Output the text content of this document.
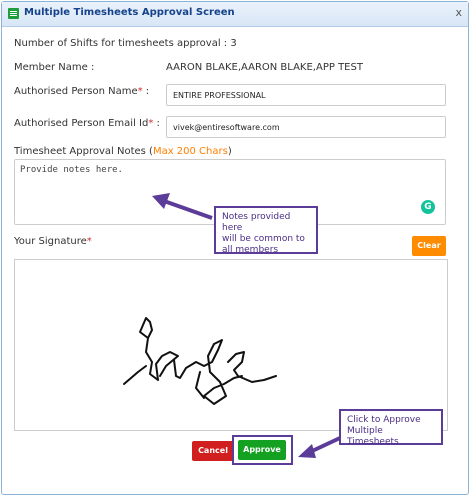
Multiple Timesheets Approval Screen	x
Number of Shifts for timesheets approval : 3
Member Name :	AARON BLAKE,AARON BLAKE,APP TEST
Authorised Person Name* :	ENTIRE PROFESSIONAL
Authorised Person Email Id* :	vivek@entiresoftware.com
Timesheet Approval Notes (Max 200 Chars)
Provide notes here.
G
Your Signature*	Clear
Cancel	Approve
Notes provided here
will be common to
all members
Click to Approve
Multiple Timesheets
